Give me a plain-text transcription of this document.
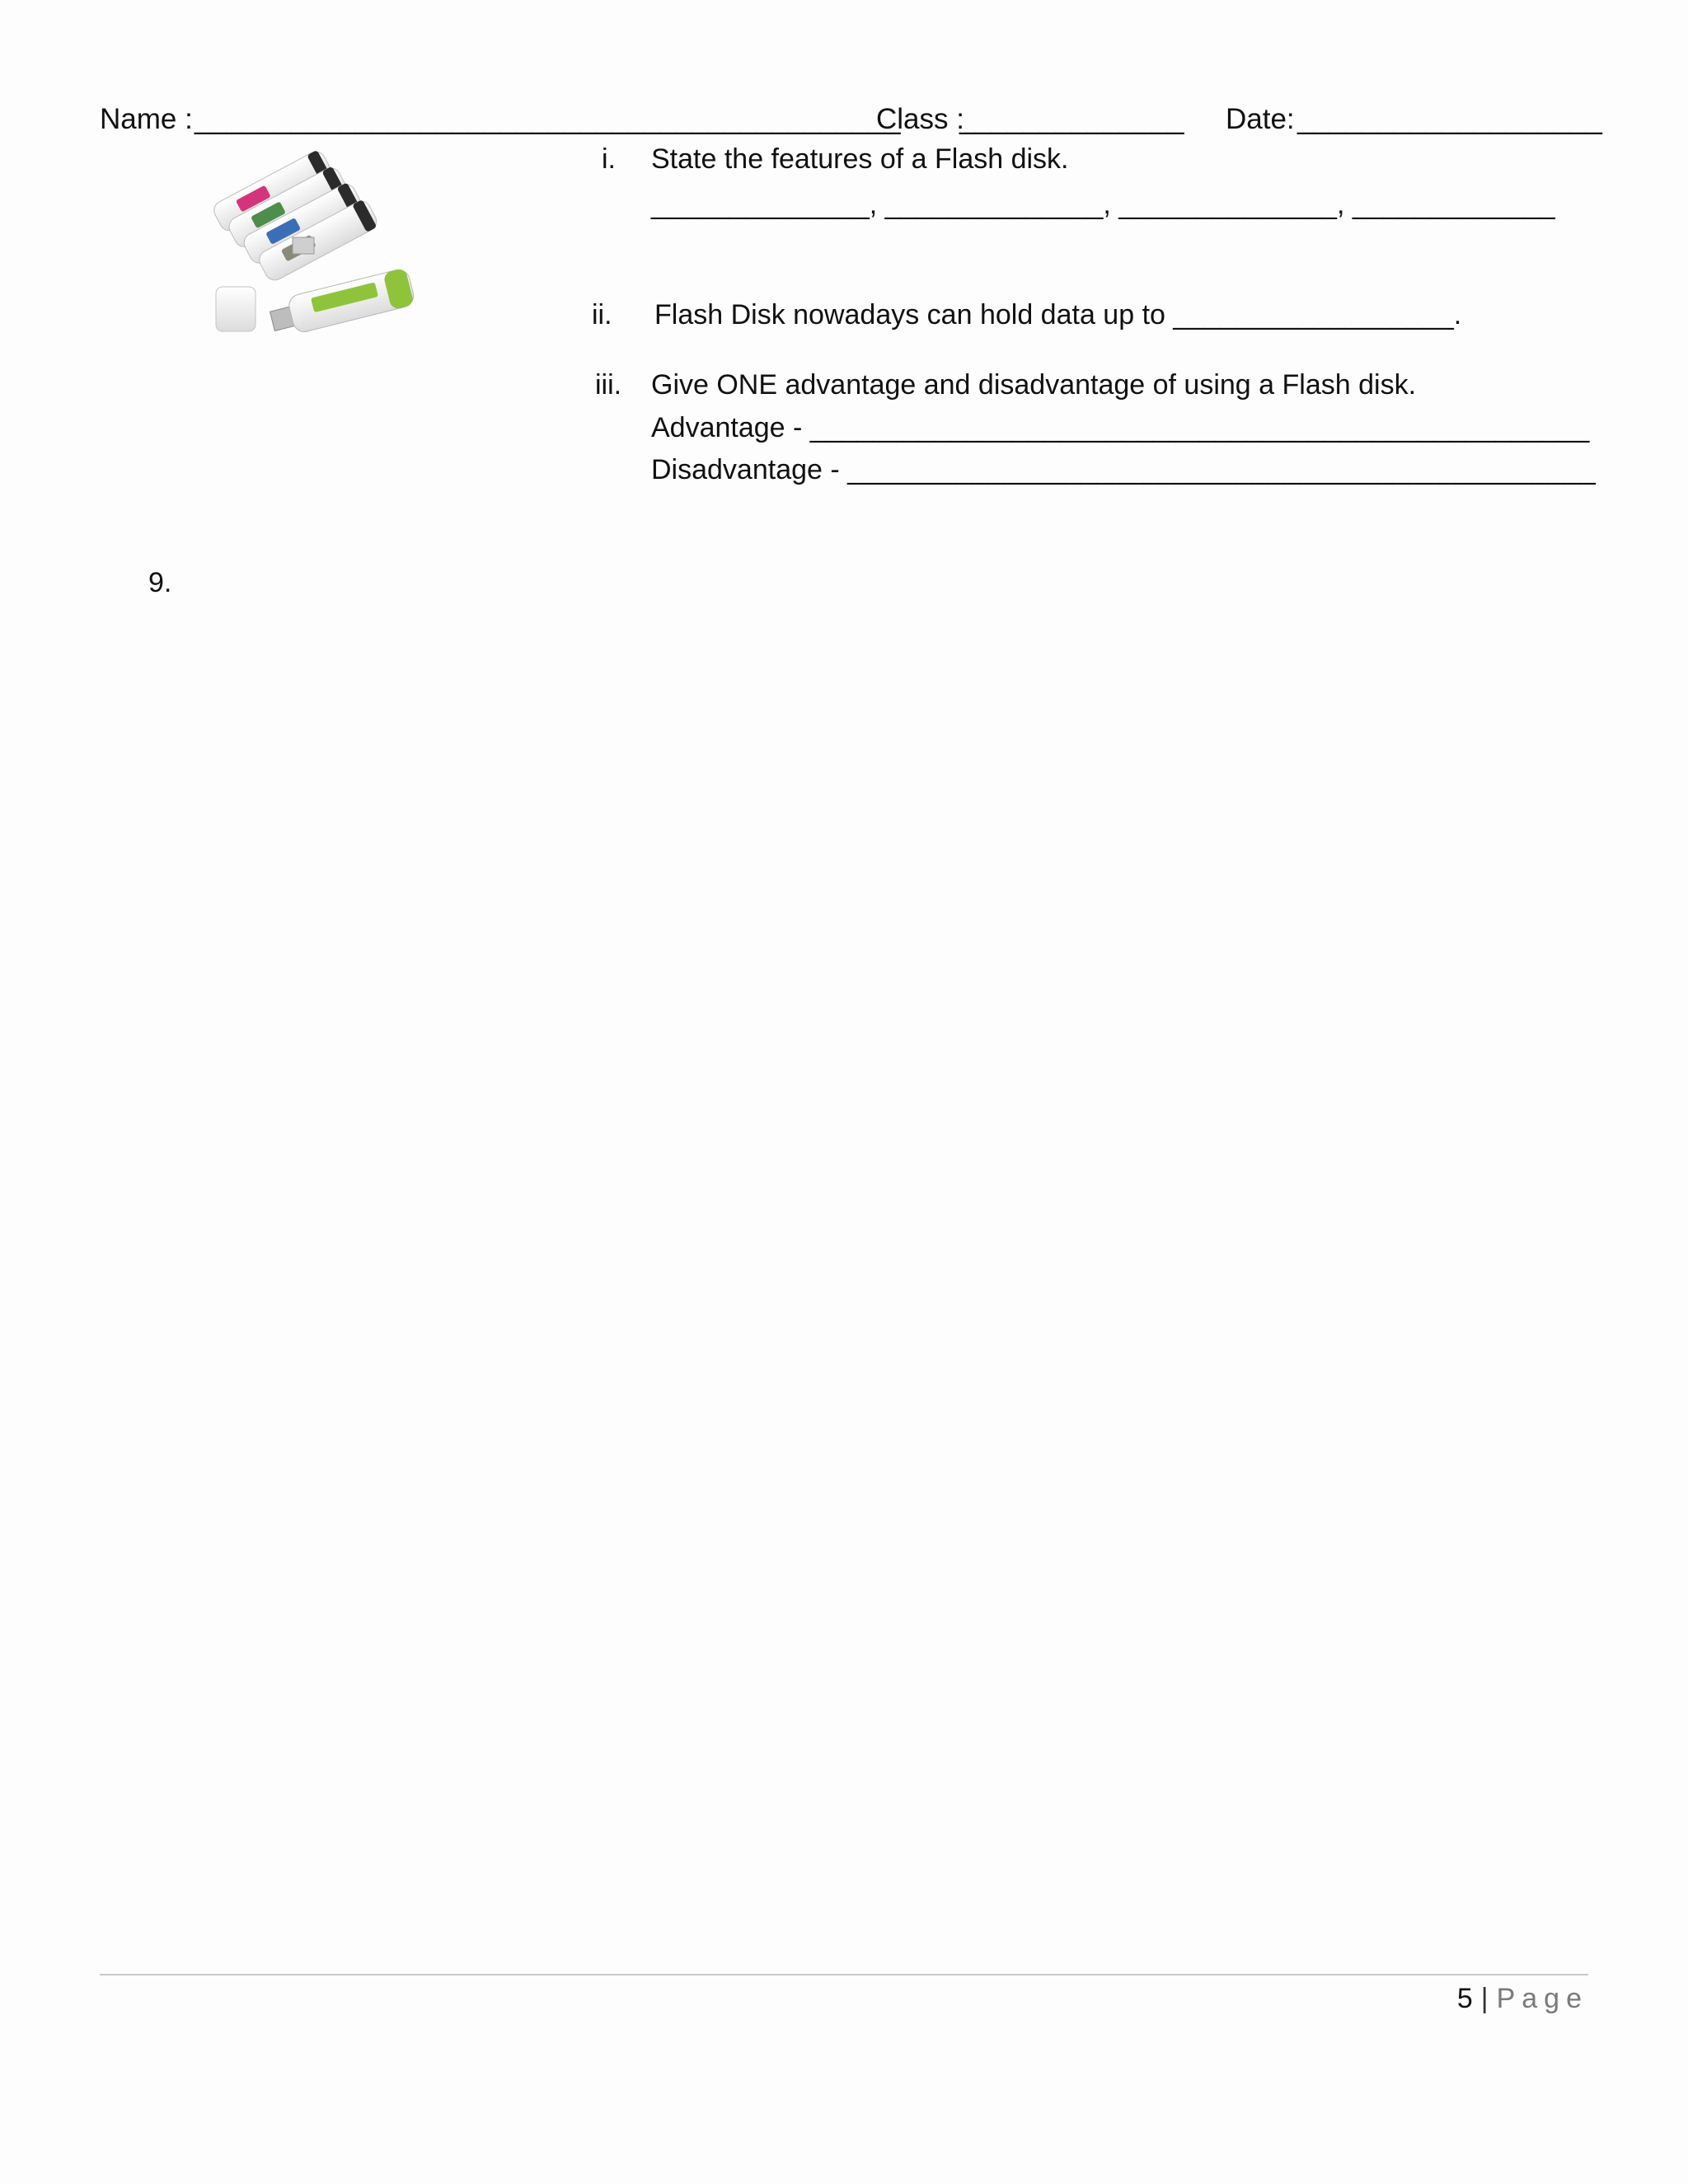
Name : ____________________________________________
Class :
______________ Date: ___________________
i. State the features of a Flash disk.
______________, ______________, ______________, _____________
ii. Flash Disk nowadays can hold data up to __________________.
iii. Give ONE advantage and disadvantage of using a Flash disk.
Advantage - __________________________________________________
Disadvantage - ________________________________________________
9.
5 | Page
